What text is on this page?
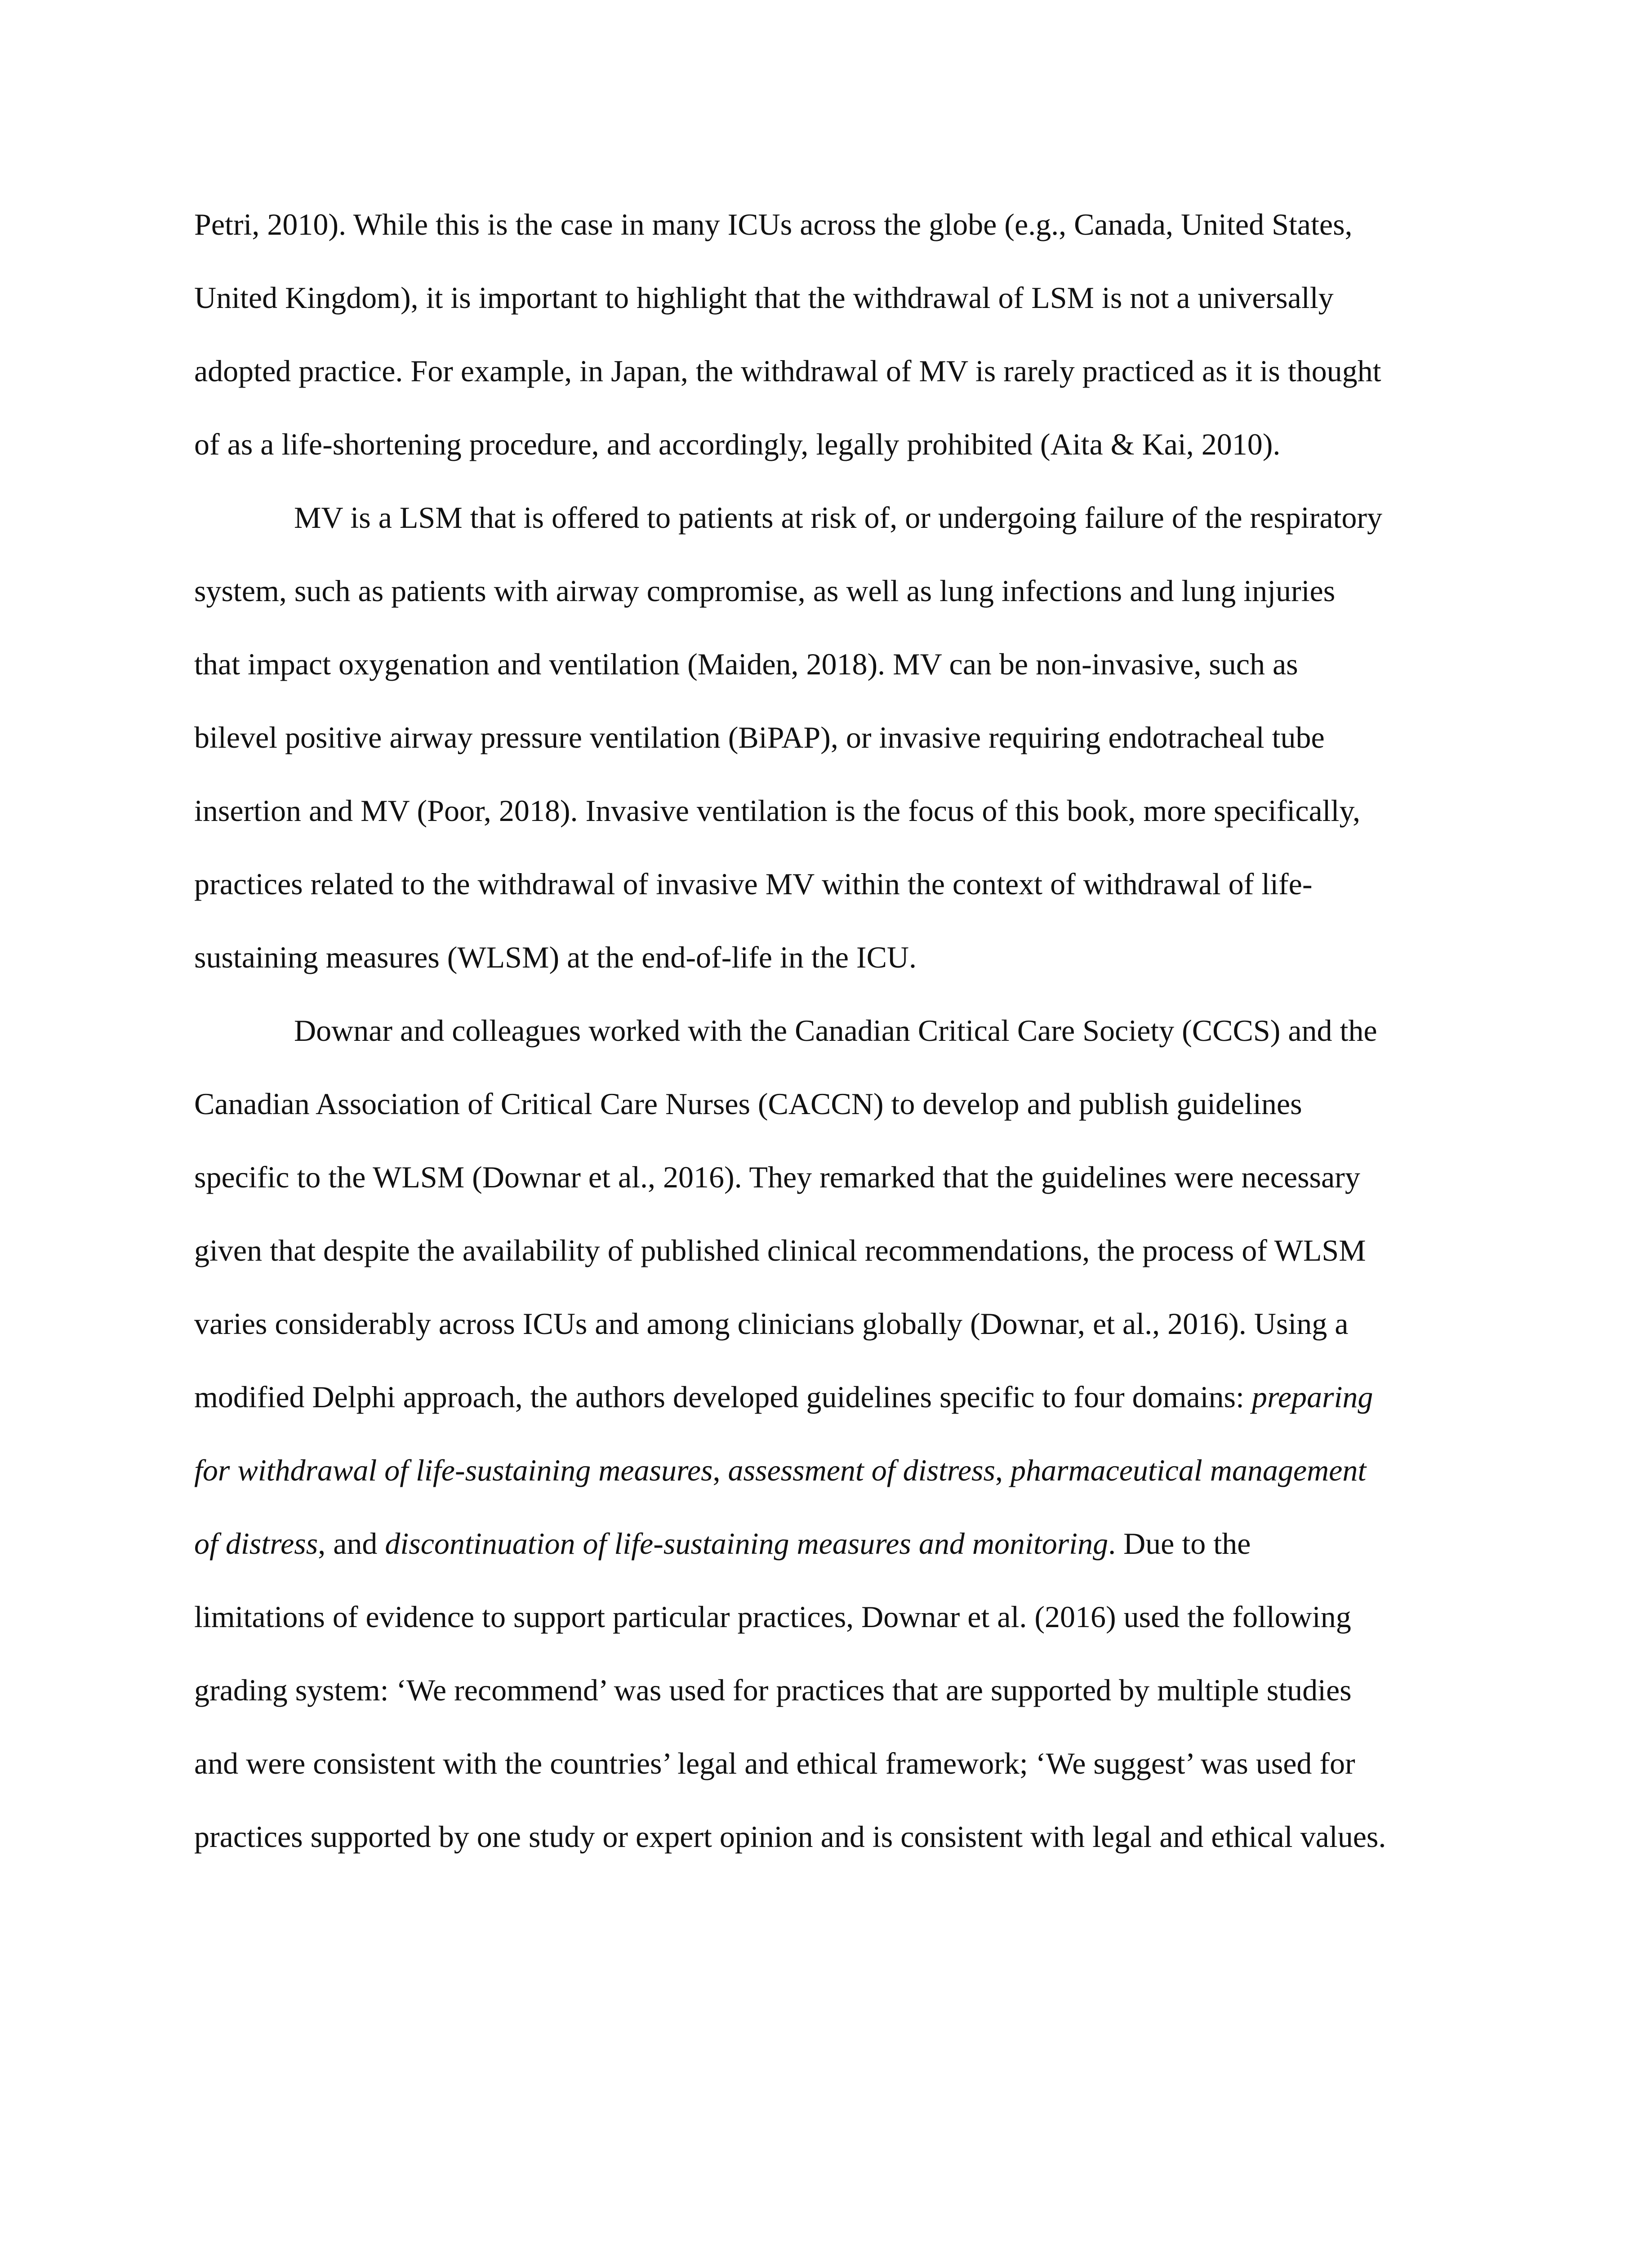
Petri, 2010). While this is the case in many ICUs across the globe (e.g., Canada, United States,
United Kingdom), it is important to highlight that the withdrawal of LSM is not a universally
adopted practice. For example, in Japan, the withdrawal of MV is rarely practiced as it is thought
of as a life-shortening procedure, and accordingly, legally prohibited (Aita & Kai, 2010).

MV is a LSM that is offered to patients at risk of, or undergoing failure of the respiratory
system, such as patients with airway compromise, as well as lung infections and lung injuries
that impact oxygenation and ventilation (Maiden, 2018). MV can be non-invasive, such as
bilevel positive airway pressure ventilation (BiPAP), or invasive requiring endotracheal tube
insertion and MV (Poor, 2018). Invasive ventilation is the focus of this book, more specifically,
practices related to the withdrawal of invasive MV within the context of withdrawal of life-
sustaining measures (WLSM) at the end-of-life in the ICU.

Downar and colleagues worked with the Canadian Critical Care Society (CCCS) and the
Canadian Association of Critical Care Nurses (CACCN) to develop and publish guidelines
specific to the WLSM (Downar et al., 2016). They remarked that the guidelines were necessary
given that despite the availability of published clinical recommendations, the process of WLSM
varies considerably across ICUs and among clinicians globally (Downar, et al., 2016). Using a
modified Delphi approach, the authors developed guidelines specific to four domains: preparing
for withdrawal of life-sustaining measures, assessment of distress, pharmaceutical management
of distress, and discontinuation of life-sustaining measures and monitoring. Due to the
limitations of evidence to support particular practices, Downar et al. (2016) used the following
grading system: ‘We recommend’ was used for practices that are supported by multiple studies
and were consistent with the countries’ legal and ethical framework; ‘We suggest’ was used for
practices supported by one study or expert opinion and is consistent with legal and ethical values.
